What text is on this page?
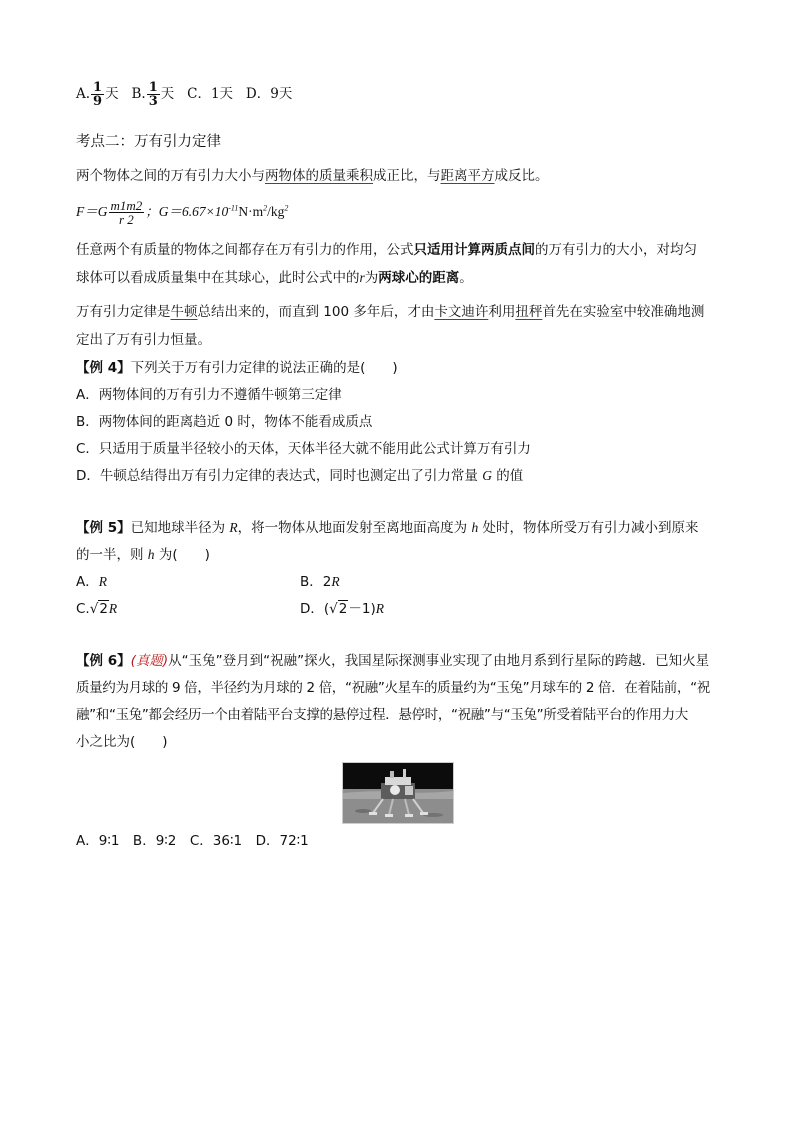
A. $\frac{1}{9}$ 天 B. $\frac{1}{3}$ 天 C．1天 D．9天
考点二：万有引力定律
两个物体之间的万有引力大小与两物体的质量乘积成正比，与距离平方成反比。
$F=G \frac{m1m2}{r 2}$ ；$G=6.67\times 10^{-11}N\cdot m^2/kg^2$
任意两个有质量的物体之间都存在万有引力的作用，公式只适用计算两质点间的万有引力的大小，对均匀
球体可以看成质量集中在其球心，此时公式中的r为两球心的距离。
万有引力定律是牛顿总结出来的，而直到 100 多年后，才由卡文迪许利用扭秤首先在实验室中较准确地测
定出了万有引力恒量。
【例 4】下列关于万有引力定律的说法正确的是(　　)
A．两物体间的万有引力不遵循牛顿第三定律
B．两物体间的距离趋近 0 时，物体不能看成质点
C．只适用于质量半径较小的天体，天体半径大就不能用此公式计算万有引力
D．牛顿总结得出万有引力定律的表达式，同时也测定出了引力常量 G 的值
【例 5】已知地球半径为 R，将一物体从地面发射至离地面高度为 h 处时，物体所受万有引力减小到原来
的一半，则 h 为(　　)
A．R	B．2R
C.√2R	D．(√2－1)R
【例 6】(真题)从“玉兔”登月到“祝融”探火，我国星际探测事业实现了由地月系到行星际的跨越．已知火星
质量约为月球的 9 倍，半径约为月球的 2 倍，“祝融”火星车的质量约为“玉兔”月球车的 2 倍．在着陆前，“祝
融”和“玉兔”都会经历一个由着陆平台支撑的悬停过程．悬停时，“祝融”与“玉兔”所受着陆平台的作用力大
小之比为(　　)
A．9∶1　B．9∶2　C．36∶1　D．72∶1
